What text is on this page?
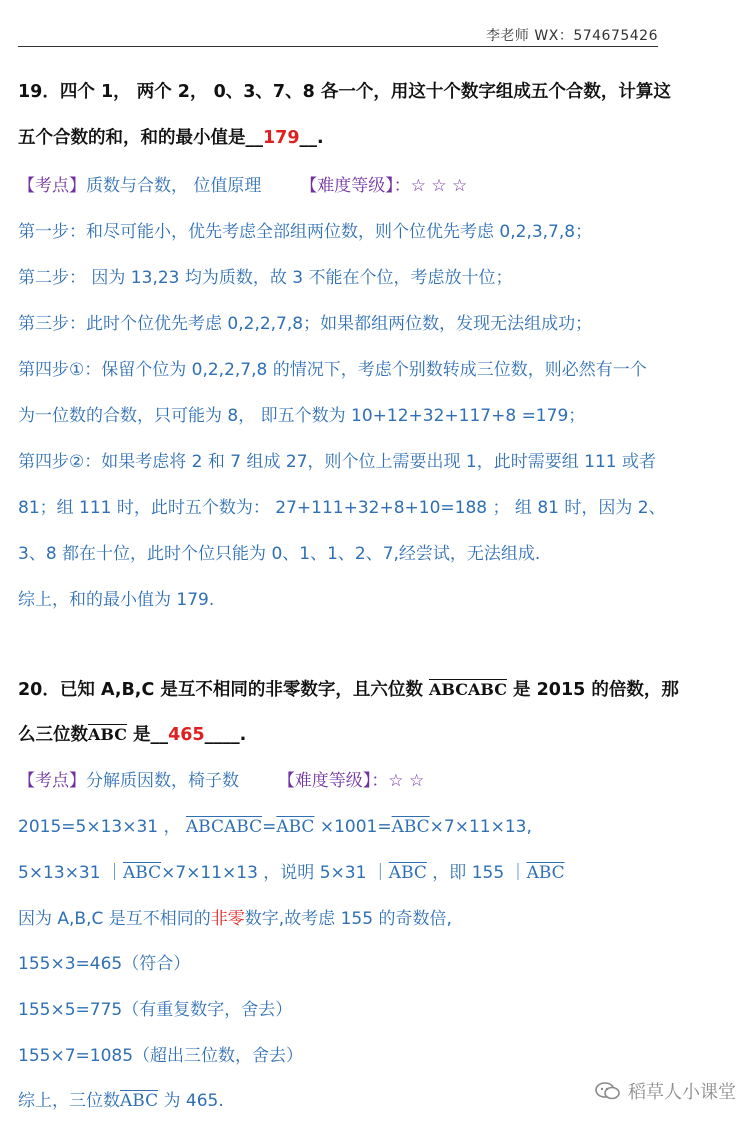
李老师 WX：574675426
19．四个 1， 两个 2， 0、3、7、8 各一个，用这十个数字组成五个合数，计算这
五个合数的和，和的最小值是__179__.
【考点】质数与合数， 位值原理 【难度等级】：☆ ☆ ☆
第一步：和尽可能小，优先考虑全部组两位数，则个位优先考虑 0,2,3,7,8；
第二步： 因为 13,23 均为质数，故 3 不能在个位，考虑放十位；
第三步：此时个位优先考虑 0,2,2,7,8；如果都组两位数，发现无法组成功；
第四步①：保留个位为 0,2,2,7,8 的情况下，考虑个别数转成三位数，则必然有一个
为一位数的合数，只可能为 8， 即五个数为 10+12+32+117+8 =179；
第四步②：如果考虑将 2 和 7 组成 27，则个位上需要出现 1，此时需要组 111 或者
81；组 111 时，此时五个数为： 27+111+32+8+10=188 ； 组 81 时，因为 2、
3、8 都在十位，此时个位只能为 0、1、1、2、7,经尝试，无法组成.
综上，和的最小值为 179.
20．已知 A,B,C 是互不相同的非零数字，且六位数 ABCABC 是 2015 的倍数，那
么三位数$\overline{ABC}$ 是__465____.
【考点】分解质因数，椅子数 【难度等级】：☆ ☆
2015=5×13×31 ， $ABCABC=\overline{ABC} \times 1001=\overline{ABC}\times 7\times 11\times 13$,
5×13×31 $|\overline{ABC}\times 7\times 11\times 13$ ，说明 5×31 $|\overline{ABC}$ ，即 155 $|\overline{ABC}$
因为 A,B,C 是互不相同的非零数字,故考虑 155 的奇数倍,
155×3=465（符合）
155×5=775（有重复数字，舍去）
155×7=1085（超出三位数，舍去）
综上，三位数$\overline{ABC}$ 为 465.	稻草人小课堂
